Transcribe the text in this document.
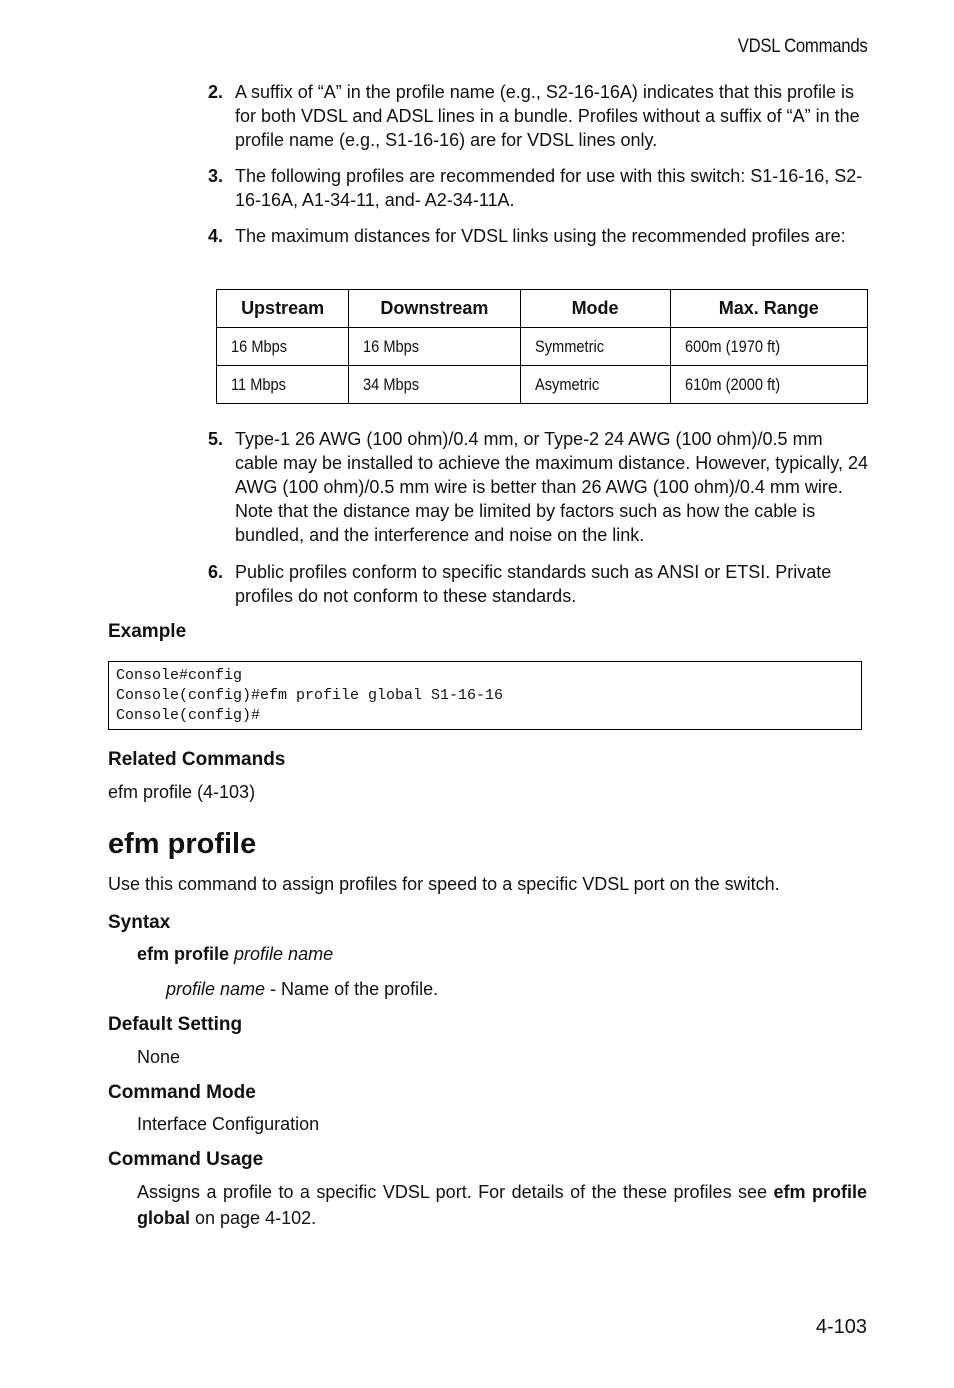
VDSL Commands
2. A suffix of “A” in the profile name (e.g., S2-16-16A) indicates that this profile is for both VDSL and ADSL lines in a bundle. Profiles without a suffix of “A” in the profile name (e.g., S1-16-16) are for VDSL lines only.
3. The following profiles are recommended for use with this switch: S1-16-16, S2-16-16A, A1-34-11, and- A2-34-11A.
4. The maximum distances for VDSL links using the recommended profiles are:
Upstream	Downstream	Mode	Max. Range
16 Mbps	16 Mbps	Symmetric	600m (1970 ft)
11 Mbps	34 Mbps	Asymetric	610m (2000 ft)
5. Type-1 26 AWG (100 ohm)/0.4 mm, or Type-2 24 AWG (100 ohm)/0.5 mm cable may be installed to achieve the maximum distance. However, typically, 24 AWG (100 ohm)/0.5 mm wire is better than 26 AWG (100 ohm)/0.4 mm wire. Note that the distance may be limited by factors such as how the cable is bundled, and the interference and noise on the link.
6. Public profiles conform to specific standards such as ANSI or ETSI. Private profiles do not conform to these standards.
Example
Console#config
Console(config)#efm profile global S1-16-16
Console(config)#
Related Commands
efm profile (4-103)
efm profile
Use this command to assign profiles for speed to a specific VDSL port on the switch.
Syntax
efm profile profile name
profile name - Name of the profile.
Default Setting
None
Command Mode
Interface Configuration
Command Usage
Assigns a profile to a specific VDSL port. For details of the these profiles see efm profile global on page 4-102.
4-103
